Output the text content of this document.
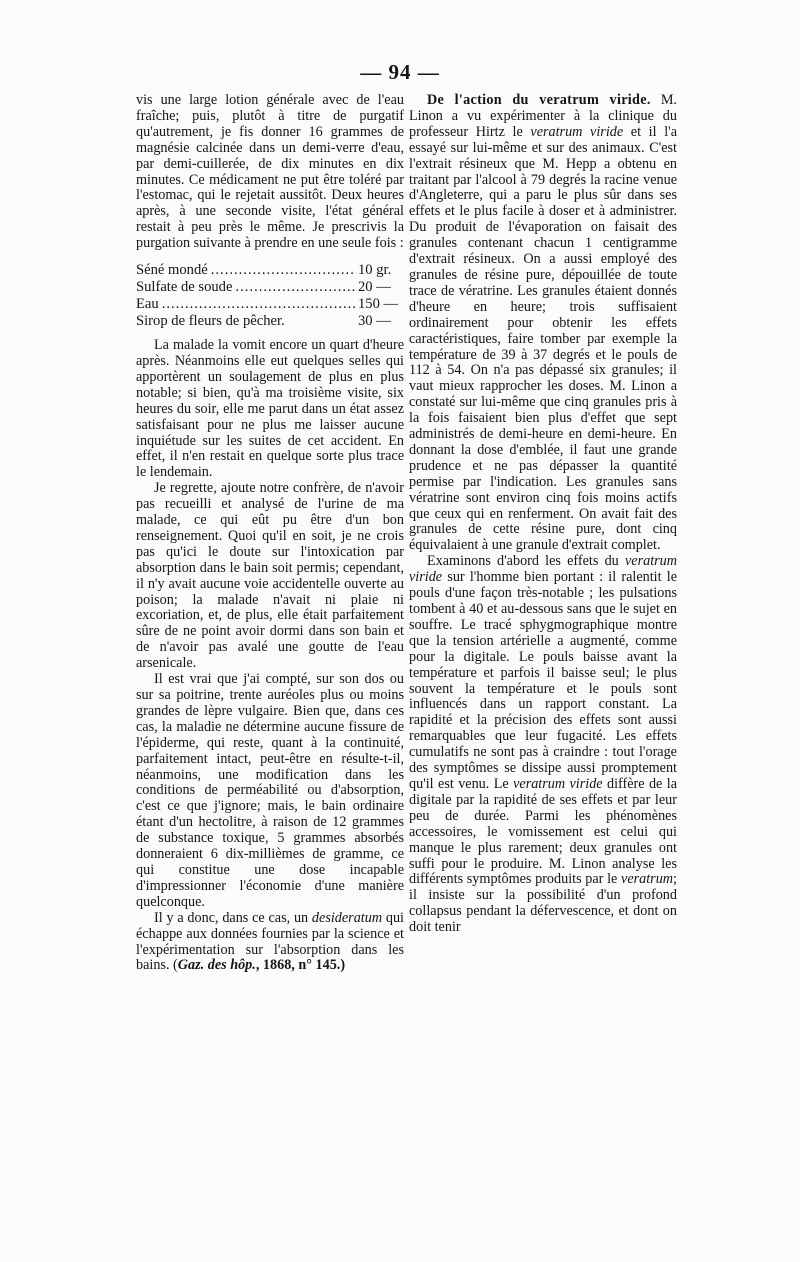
— 94 —

vis une large lotion générale avec de l'eau fraîche; puis, plutôt à titre de purgatif qu'autrement, je fis donner 16 grammes de magnésie calcinée dans un demi-verre d'eau, par demi-cuillerée, de dix minutes en dix minutes. Ce médicament ne put être toléré par l'estomac, qui le rejetait aussitôt. Deux heures après, à une seconde visite, l'état général restait à peu près le même. Je prescrivis la purgation suivante à prendre en une seule fois :

Séné mondé .....	10 gr.
Sulfate de soude .....	20 —
Eau .....	150 —
Sirop de fleurs de pêcher.	30 —

La malade la vomit encore un quart d'heure après. Néanmoins elle eut quelques selles qui apportèrent un soulagement de plus en plus notable; si bien, qu'à ma troisième visite, six heures du soir, elle me parut dans un état assez satisfaisant pour ne plus me laisser aucune inquiétude sur les suites de cet accident. En effet, il n'en restait en quelque sorte plus trace le lendemain.

Je regrette, ajoute notre confrère, de n'avoir pas recueilli et analysé de l'urine de ma malade, ce qui eût pu être d'un bon renseignement. Quoi qu'il en soit, je ne crois pas qu'ici le doute sur l'intoxication par absorption dans le bain soit permis; cependant, il n'y avait aucune voie accidentelle ouverte au poison; la malade n'avait ni plaie ni excoriation, et, de plus, elle était parfaitement sûre de ne point avoir dormi dans son bain et de n'avoir pas avalé une goutte de l'eau arsenicale.

Il est vrai que j'ai compté, sur son dos ou sur sa poitrine, trente auréoles plus ou moins grandes de lèpre vulgaire. Bien que, dans ces cas, la maladie ne détermine aucune fissure de l'épiderme, qui reste, quant à la continuité, parfaitement intact, peut-être en résulte-t-il, néanmoins, une modification dans les conditions de perméabilité ou d'absorption, c'est ce que j'ignore; mais, le bain ordinaire étant d'un hectolitre, à raison de 12 grammes de substance toxique, 5 grammes absorbés donneraient 6 dix-millièmes de gramme, ce qui constitue une dose incapable d'impressionner l'économie d'une manière quelconque.

Il y a donc, dans ce cas, un desideratum qui échappe aux données fournies par la science et l'expérimentation sur l'absorption dans les bains. (Gaz. des hôp., 1868, n° 145.)

De l'action du veratrum viride. M. Linon a vu expérimenter à la clinique du professeur Hirtz le veratrum viride et il l'a essayé sur lui-même et sur des animaux. C'est l'extrait résineux que M. Hepp a obtenu en traitant par l'alcool à 79 degrés la racine venue d'Angleterre, qui a paru le plus sûr dans ses effets et le plus facile à doser et à administrer. Du produit de l'évaporation on faisait des granules contenant chacun 1 centigramme d'extrait résineux. On a aussi employé des granules de résine pure, dépouillée de toute trace de vératrine. Les granules étaient donnés d'heure en heure; trois suffisaient ordinairement pour obtenir les effets caractéristiques, faire tomber par exemple la température de 39 à 37 degrés et le pouls de 112 à 54. On n'a pas dépassé six granules; il vaut mieux rapprocher les doses. M. Linon a constaté sur lui-même que cinq granules pris à la fois faisaient bien plus d'effet que sept administrés de demi-heure en demi-heure. En donnant la dose d'emblée, il faut une grande prudence et ne pas dépasser la quantité permise par l'indication. Les granules sans vératrine sont environ cinq fois moins actifs que ceux qui en renferment. On avait fait des granules de cette résine pure, dont cinq équivalaient à une granule d'extrait complet.

Examinons d'abord les effets du veratrum viride sur l'homme bien portant : il ralentit le pouls d'une façon très-notable ; les pulsations tombent à 40 et au-dessous sans que le sujet en souffre. Le tracé sphygmographique montre que la tension artérielle a augmenté, comme pour la digitale. Le pouls baisse avant la température et parfois il baisse seul; le plus souvent la température et le pouls sont influencés dans un rapport constant. La rapidité et la précision des effets sont aussi remarquables que leur fugacité. Les effets cumulatifs ne sont pas à craindre : tout l'orage des symptômes se dissipe aussi promptement qu'il est venu. Le veratrum viride diffère de la digitale par la rapidité de ses effets et par leur peu de durée. Parmi les phénomènes accessoires, le vomissement est celui qui manque le plus rarement; deux granules ont suffi pour le produire. M. Linon analyse les différents symptômes produits par le veratrum; il insiste sur la possibilité d'un profond collapsus pendant la défervescence, et dont on doit tenir
